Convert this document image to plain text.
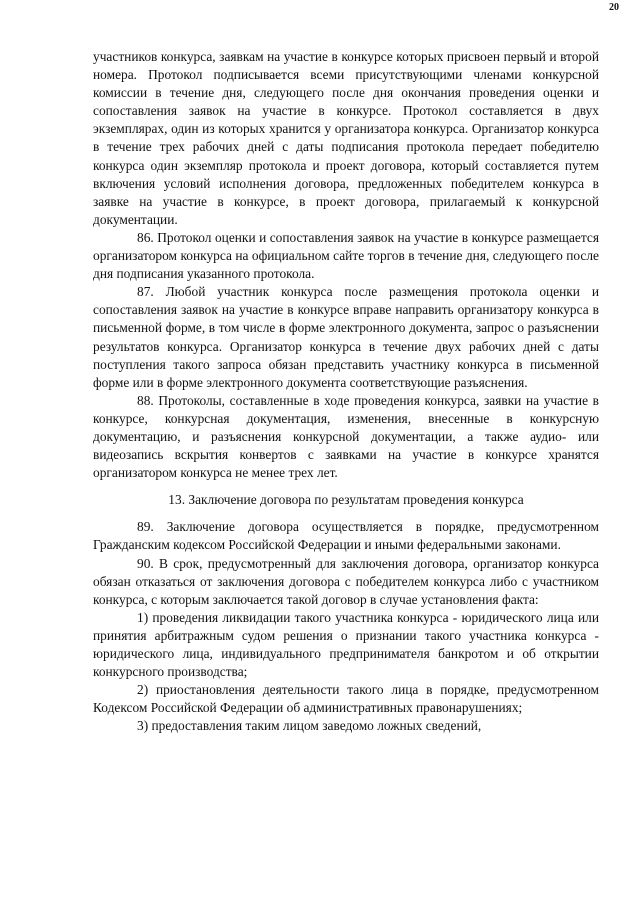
20

участников конкурса, заявкам на участие в конкурсе которых присвоен первый и второй номера. Протокол подписывается всеми присутствующими членами конкурсной комиссии в течение дня, следующего после дня окончания проведения оценки и сопоставления заявок на участие в конкурсе. Протокол составляется в двух экземплярах, один из которых хранится у организатора конкурса. Организатор конкурса в течение трех рабочих дней с даты подписания протокола передает победителю конкурса один экземпляр протокола и проект договора, который составляется путем включения условий исполнения договора, предложенных победителем конкурса в заявке на участие в конкурсе, в проект договора, прилагаемый к конкурсной документации.

86. Протокол оценки и сопоставления заявок на участие в конкурсе размещается организатором конкурса на официальном сайте торгов в течение дня, следующего после дня подписания указанного протокола.

87. Любой участник конкурса после размещения протокола оценки и сопоставления заявок на участие в конкурсе вправе направить организатору конкурса в письменной форме, в том числе в форме электронного документа, запрос о разъяснении результатов конкурса. Организатор конкурса в течение двух рабочих дней с даты поступления такого запроса обязан представить участнику конкурса в письменной форме или в форме электронного документа соответствующие разъяснения.

88. Протоколы, составленные в ходе проведения конкурса, заявки на участие в конкурсе, конкурсная документация, изменения, внесенные в конкурсную документацию, и разъяснения конкурсной документации, а также аудио- или видеозапись вскрытия конвертов с заявками на участие в конкурсе хранятся организатором конкурса не менее трех лет.

13. Заключение договора по результатам проведения конкурса

89. Заключение договора осуществляется в порядке, предусмотренном Гражданским кодексом Российской Федерации и иными федеральными законами.

90. В срок, предусмотренный для заключения договора, организатор конкурса обязан отказаться от заключения договора с победителем конкурса либо с участником конкурса, с которым заключается такой договор в случае установления факта:

1) проведения ликвидации такого участника конкурса - юридического лица или принятия арбитражным судом решения о признании такого участника конкурса - юридического лица, индивидуального предпринимателя банкротом и об открытии конкурсного производства;

2) приостановления деятельности такого лица в порядке, предусмотренном Кодексом Российской Федерации об административных правонарушениях;

3) предоставления таким лицом заведомо ложных сведений,
